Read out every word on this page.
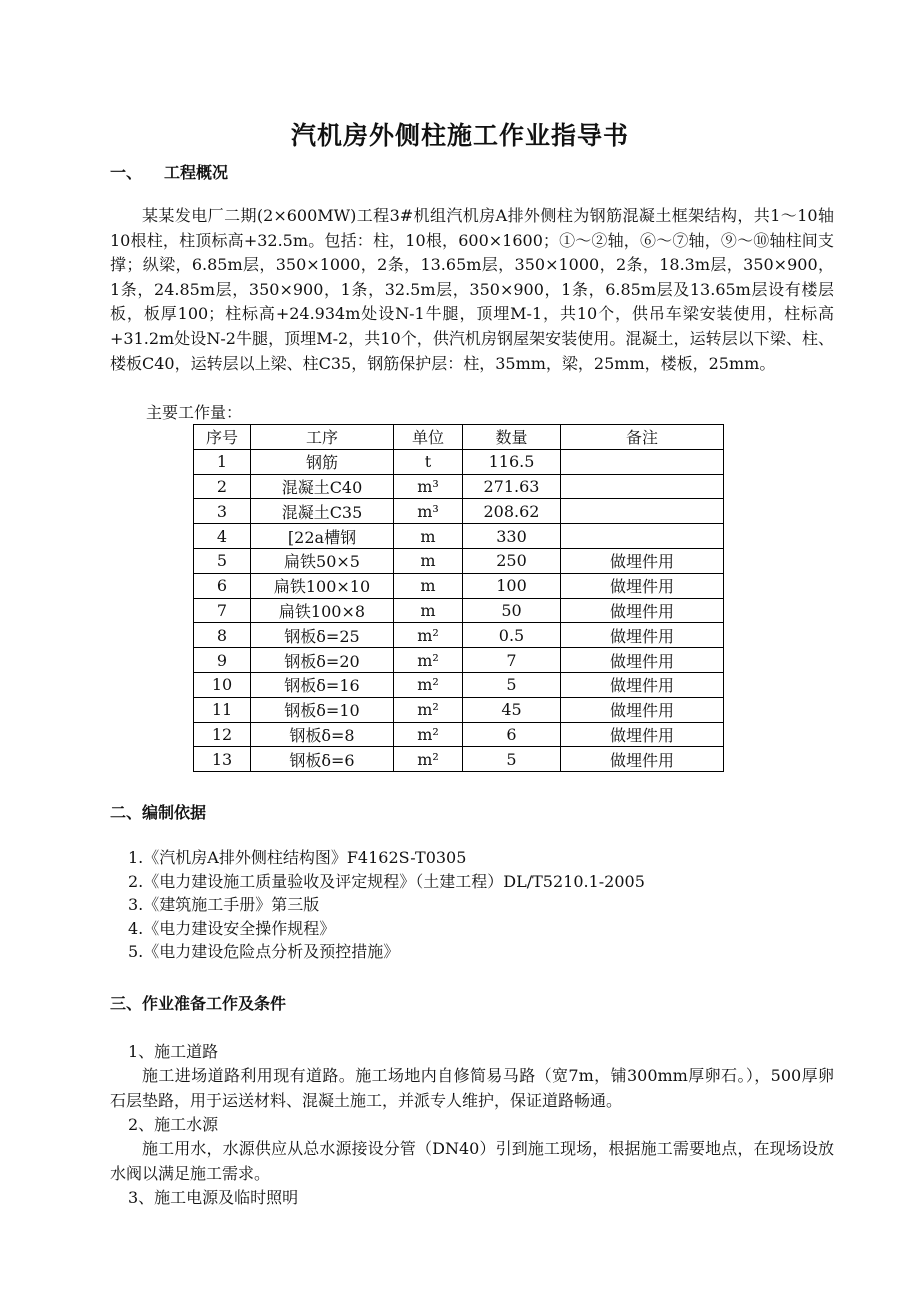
汽机房外侧柱施工作业指导书
一、 工程概况

某某发电厂二期(2×600MW)工程3#机组汽机房A排外侧柱为钢筋混凝土框架结构，共1～10轴10根柱，柱顶标高+32.5m。包括：柱，10根，600×1600；①～②轴，⑥～⑦轴，⑨～⑩轴柱间支撑；纵梁，6.85m层，350×1000，2条，13.65m层，350×1000，2条，18.3m层，350×900，1条，24.85m层，350×900，1条，32.5m层，350×900，1条，6.85m层及13.65m层设有楼层板，板厚100；柱标高+24.934m处设N-1牛腿，顶埋M-1，共10个，供吊车梁安装使用，柱标高+31.2m处设N-2牛腿，顶埋M-2，共10个，供汽机房钢屋架安装使用。混凝土，运转层以下梁、柱、楼板C40，运转层以上梁、柱C35，钢筋保护层：柱，35mm，梁，25mm，楼板，25mm。

主要工作量：
序号	工序	单位	数量	备注
1	钢筋	t	116.5	
2	混凝土C40	m³	271.63	
3	混凝土C35	m³	208.62	
4	[22a槽钢	m	330	
5	扁铁50×5	m	250	做埋件用
6	扁铁100×10	m	100	做埋件用
7	扁铁100×8	m	50	做埋件用
8	钢板δ=25	m²	0.5	做埋件用
9	钢板δ=20	m²	7	做埋件用
10	钢板δ=16	m²	5	做埋件用
11	钢板δ=10	m²	45	做埋件用
12	钢板δ=8	m²	6	做埋件用
13	钢板δ=6	m²	5	做埋件用
二、编制依据
1.《汽机房A排外侧柱结构图》F4162S-T0305
2.《电力建设施工质量验收及评定规程》（土建工程）DL/T5210.1-2005
3.《建筑施工手册》第三版
4.《电力建设安全操作规程》
5.《电力建设危险点分析及预控措施》
三、作业准备工作及条件
1、施工道路

施工进场道路利用现有道路。施工场地内自修简易马路（宽7m，铺300mm厚卵石。），500厚卵石层垫路，用于运送材料、混凝土施工，并派专人维护，保证道路畅通。

2、施工水源

施工用水，水源供应从总水源接设分管（DN40）引到施工现场，根据施工需要地点，在现场设放水阀以满足施工需求。

3、施工电源及临时照明
